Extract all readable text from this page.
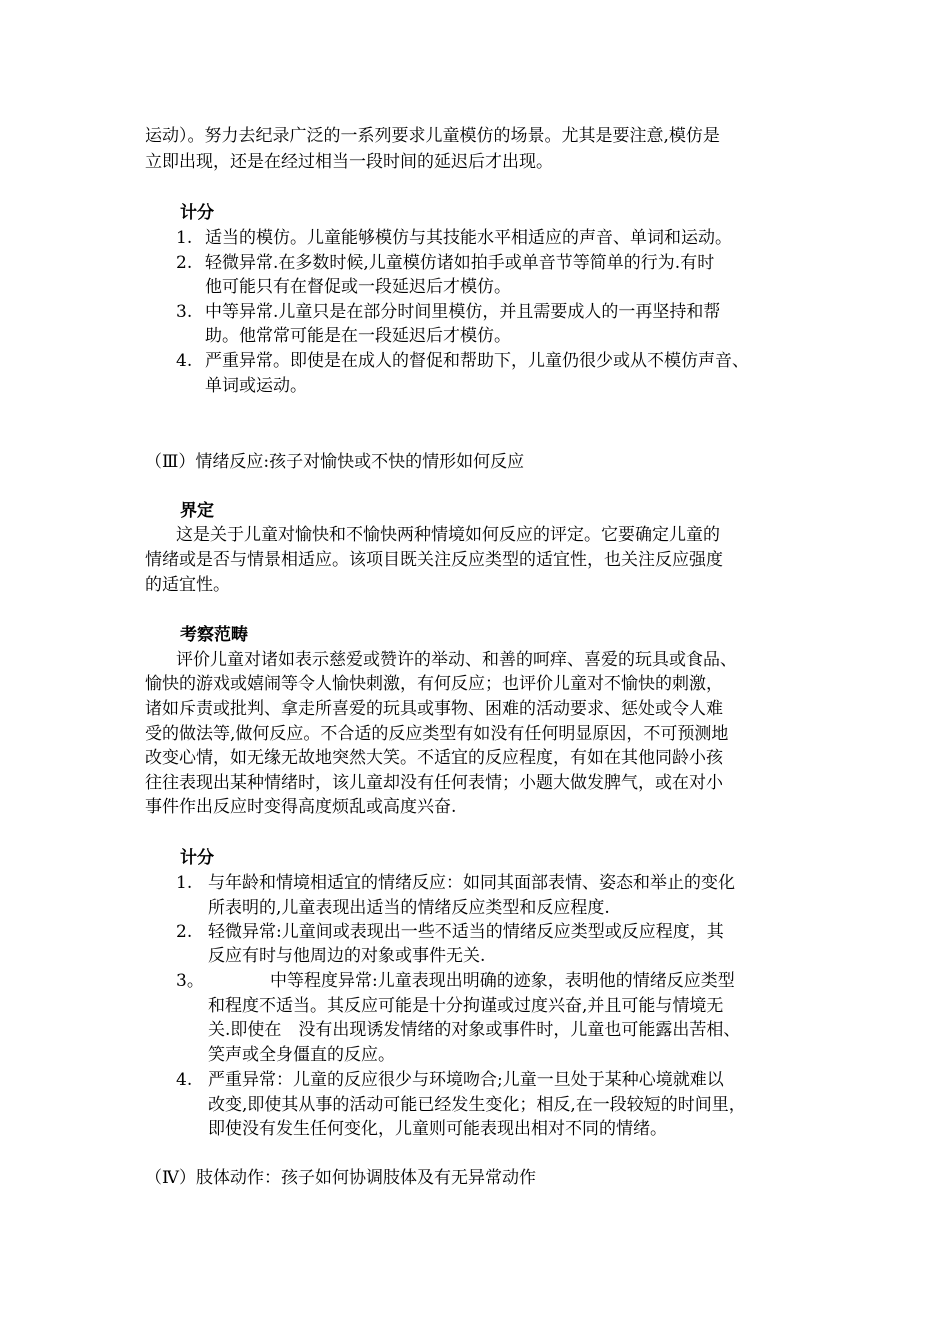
运动）。努力去纪录广泛的一系列要求儿童模仿的场景。尤其是要注意,模仿是
立即出现，还是在经过相当一段时间的延迟后才出现。
计分
1. 适当的模仿。儿童能够模仿与其技能水平相适应的声音、单词和运动。
2. 轻微异常.在多数时候,儿童模仿诸如拍手或单音节等简单的行为.有时
他可能只有在督促或一段延迟后才模仿。
3. 中等异常.儿童只是在部分时间里模仿，并且需要成人的一再坚持和帮
助。他常常可能是在一段延迟后才模仿。
4. 严重异常。即使是在成人的督促和帮助下，儿童仍很少或从不模仿声音、
单词或运动。
（Ⅲ）情绪反应:孩子对愉快或不快的情形如何反应
界定
这是关于儿童对愉快和不愉快两种情境如何反应的评定。它要确定儿童的
情绪或是否与情景相适应。该项目既关注反应类型的适宜性，也关注反应强度
的适宜性。
考察范畴
评价儿童对诸如表示慈爱或赞许的举动、和善的呵痒、喜爱的玩具或食品、
愉快的游戏或嬉闹等令人愉快刺激，有何反应；也评价儿童对不愉快的刺激，
诸如斥责或批判、拿走所喜爱的玩具或事物、困难的活动要求、惩处或令人难
受的做法等,做何反应。不合适的反应类型有如没有任何明显原因，不可预测地
改变心情，如无缘无故地突然大笑。不适宜的反应程度，有如在其他同龄小孩
往往表现出某种情绪时，该儿童却没有任何表情；小题大做发脾气，或在对小
事件作出反应时变得高度烦乱或高度兴奋.
计分
1. 与年龄和情境相适宜的情绪反应：如同其面部表情、姿态和举止的变化
所表明的,儿童表现出适当的情绪反应类型和反应程度.
2. 轻微异常:儿童间或表现出一些不适当的情绪反应类型或反应程度，其
反应有时与他周边的对象或事件无关.
3。	中等程度异常:儿童表现出明确的迹象，表明他的情绪反应类型
和程度不适当。其反应可能是十分拘谨或过度兴奋,并且可能与情境无
关.即使在　没有出现诱发情绪的对象或事件时，儿童也可能露出苦相、
笑声或全身僵直的反应。
4. 严重异常：儿童的反应很少与环境吻合;儿童一旦处于某种心境就难以
改变,即使其从事的活动可能已经发生变化；相反,在一段较短的时间里，
即使没有发生任何变化，儿童则可能表现出相对不同的情绪。
（Ⅳ）肢体动作：孩子如何协调肢体及有无异常动作
